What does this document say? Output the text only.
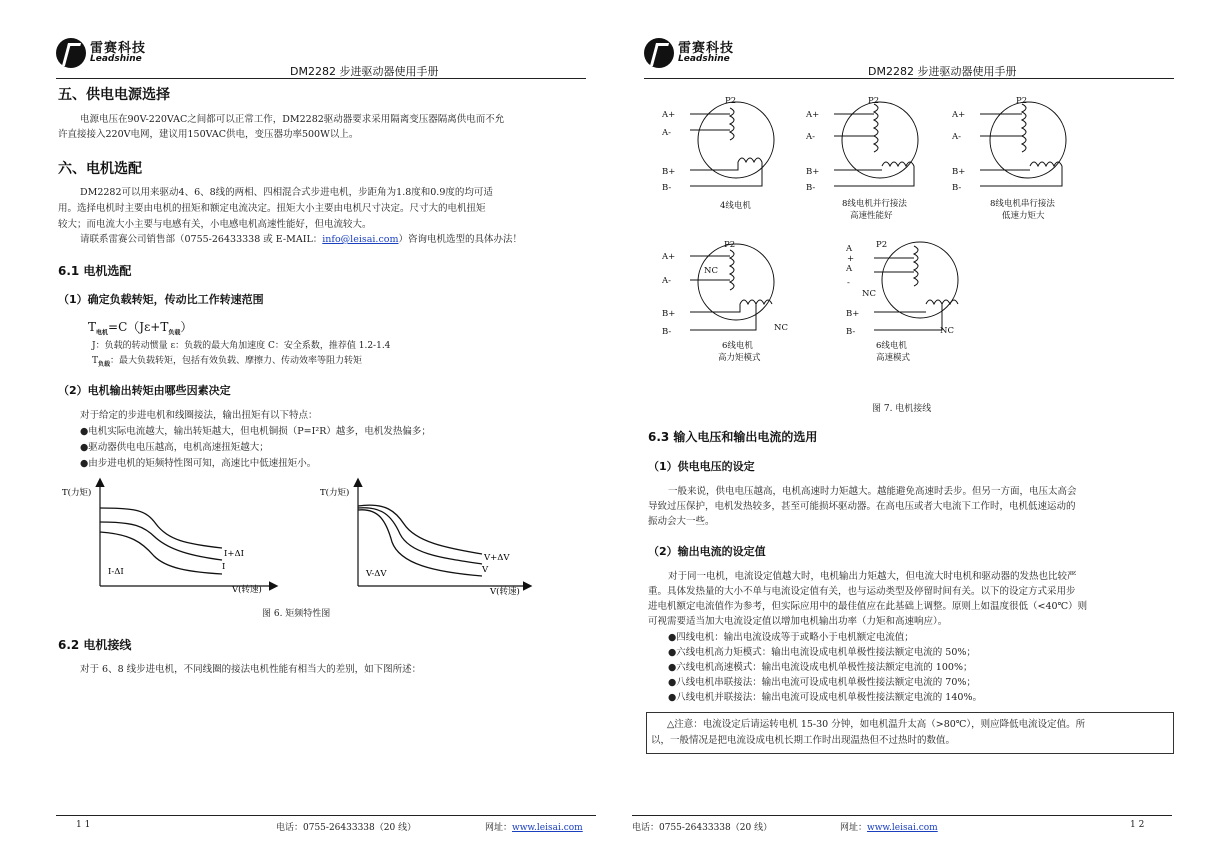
雷赛科技
Leadshine
DM2282 步进驱动器使用手册
五、供电电源选择
电源电压在90V-220VAC之间都可以正常工作，DM2282驱动器要求采用隔离变压器隔离供电而不允
许直接接入220V电网，建议用150VAC供电，变压器功率500W以上。
六、电机选配
DM2282可以用来驱动4、6、8线的两相、四相混合式步进电机，步距角为1.8度和0.9度的均可适
用。选择电机时主要由电机的扭矩和额定电流决定。扭矩大小主要由电机尺寸决定。尺寸大的电机扭矩
较大；而电流大小主要与电感有关，小电感电机高速性能好，但电流较大。
请联系雷赛公司销售部（0755-26433338 或 E-MAIL：info@leisai.com）咨询电机选型的具体办法！
6.1 电机选配
（1）确定负载转矩，传动比工作转速范围
$T_{电机}=C(J\varepsilon+T_{负载})$
J：负载的转动惯量 ε：负载的最大角加速度 C：安全系数，推荐值 1.2-1.4
$T_{负载}$：最大负载转矩，包括有效负载、摩擦力、传动效率等阻力转矩
（2）电机输出转矩由哪些因素决定
对于给定的步进电机和线圈接法，输出扭矩有以下特点：
●电机实际电流越大，输出转矩越大，但电机铜损（P=I²R）越多，电机发热偏多；
●驱动器供电电压越高，电机高速扭矩越大；
●由步进电机的矩频特性图可知，高速比中低速扭矩小。
T(力矩)
V(转速)
I+ΔI
I
I-ΔI
T(力矩)
V(转速)
V+ΔV
V
V-ΔV
图 6. 矩频特性图
6.2 电机接线
对于 6、8 线步进电机，不同线圈的接法电机性能有相当大的差别，如下图所述：
1 1	电话：0755-26433338（20 线）	网址：www.leisai.com
雷赛科技
Leadshine
DM2282 步进驱动器使用手册
P2
A+
A-
B+
B-
4线电机
P2
A+
A-
B+
B-
8线电机并行接法
高速性能好
P2
A+
A-
B+
B-
8线电机串行接法
低速力矩大
P2
A+
NC
A-
B+
B-	NC
6线电机
高力矩模式
P2
A
+
A
-
NC
B+
B-	NC
6线电机
高速模式
图 7. 电机接线
6.3 输入电压和输出电流的选用
（1）供电电压的设定
一般来说，供电电压越高，电机高速时力矩越大。越能避免高速时丢步。但另一方面，电压太高会
导致过压保护，电机发热较多，甚至可能损坏驱动器。在高电压或者大电流下工作时，电机低速运动的
振动会大一些。
（2）输出电流的设定值
对于同一电机，电流设定值越大时，电机输出力矩越大，但电流大时电机和驱动器的发热也比较严
重。具体发热量的大小不单与电流设定值有关，也与运动类型及停留时间有关。以下的设定方式采用步
进电机额定电流值作为参考，但实际应用中的最佳值应在此基础上调整。原则上如温度很低（<40℃）则
可视需要适当加大电流设定值以增加电机输出功率（力矩和高速响应）。
●四线电机：输出电流设成等于或略小于电机额定电流值；
●六线电机高力矩模式：输出电流设成电机单极性接法额定电流的 50%；
●六线电机高速模式：输出电流设成电机单极性接法额定电流的 100%；
●八线电机串联接法：输出电流可设成电机单极性接法额定电流的 70%；
●八线电机并联接法：输出电流可设成电机单极性接法额定电流的 140%。
△注意：电流设定后请运转电机 15-30 分钟，如电机温升太高（>80℃），则应降低电流设定值。所
以，一般情况是把电流设成电机长期工作时出现温热但不过热时的数值。
电话：0755-26433338（20 线）	网址：www.leisai.com	1 2
